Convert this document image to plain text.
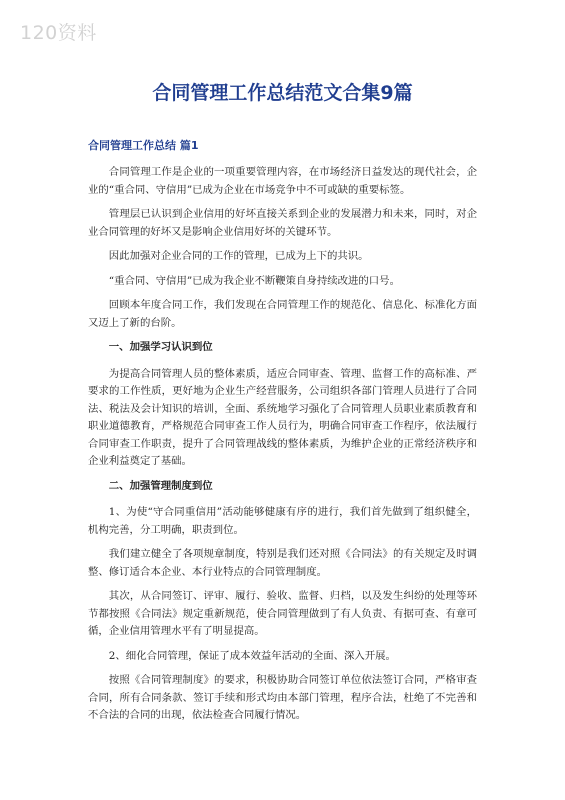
120资料
合同管理工作总结范文合集9篇
合同管理工作总结 篇1

合同管理工作是企业的一项重要管理内容，在市场经济日益发达的现代社会，企业的“重合同、守信用”已成为企业在市场竞争中不可或缺的重要标签。

管理层已认识到企业信用的好坏直接关系到企业的发展潜力和未来，同时，对企业合同管理的好坏又是影响企业信用好坏的关键环节。

因此加强对企业合同的工作的管理，已成为上下的共识。

“重合同、守信用”已成为我企业不断鞭策自身持续改进的口号。

回顾本年度合同工作，我们发现在合同管理工作的规范化、信息化、标准化方面又迈上了新的台阶。

一、加强学习认识到位

为提高合同管理人员的整体素质，适应合同审查、管理、监督工作的高标准、严要求的工作性质，更好地为企业生产经营服务，公司组织各部门管理人员进行了合同法、税法及会计知识的培训，全面、系统地学习强化了合同管理人员职业素质教育和职业道德教育，严格规范合同审查工作人员行为，明确合同审查工作程序，依法履行合同审查工作职责，提升了合同管理战线的整体素质，为维护企业的正常经济秩序和企业利益奠定了基础。

二、加强管理制度到位

1、为使“守合同重信用”活动能够健康有序的进行，我们首先做到了组织健全，机构完善，分工明确，职责到位。

我们建立健全了各项规章制度，特别是我们还对照《合同法》的有关规定及时调整、修订适合本企业、本行业特点的合同管理制度。

其次，从合同签订、评审、履行、验收、监督、归档，以及发生纠纷的处理等环节都按照《合同法》规定重新规范，使合同管理做到了有人负责、有据可查、有章可循，企业信用管理水平有了明显提高。

2、细化合同管理，保证了成本效益年活动的全面、深入开展。

按照《合同管理制度》的要求，积极协助合同签订单位依法签订合同，严格审查合同，所有合同条款、签订手续和形式均由本部门管理，程序合法，杜绝了不完善和不合法的合同的出现，依法检查合同履行情况。
